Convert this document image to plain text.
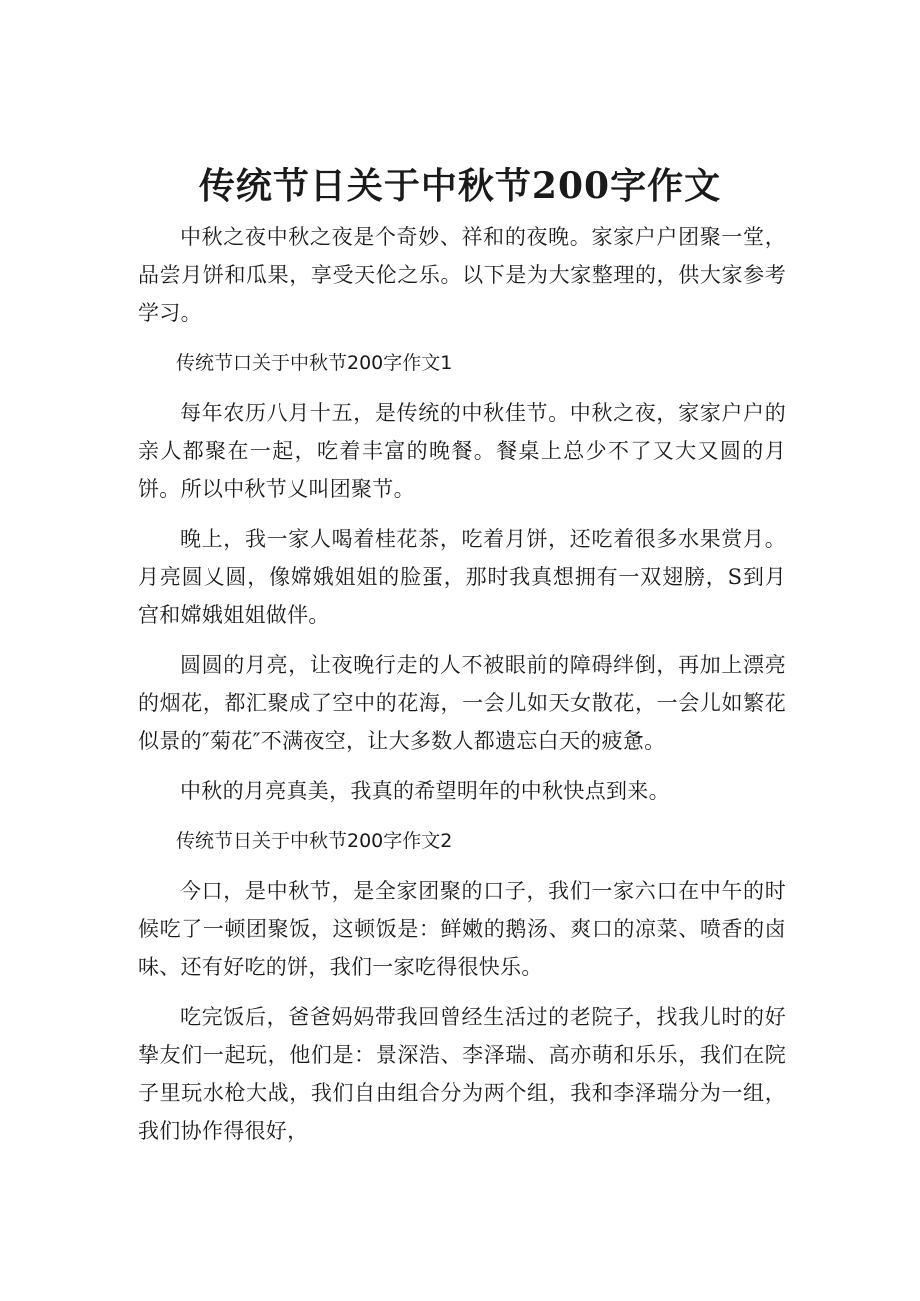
传统节日关于中秋节200字作文

中秋之夜中秋之夜是个奇妙、祥和的夜晚。家家户户团聚一堂，品尝月饼和瓜果，享受天伦之乐。以下是为大家整理的，供大家参考学习。

传统节口关于中秋节200字作文1

每年农历八月十五，是传统的中秋佳节。中秋之夜，家家户户的亲人都聚在一起，吃着丰富的晚餐。餐桌上总少不了又大又圆的月饼。所以中秋节乂叫团聚节。

晚上，我一家人喝着桂花茶，吃着月饼，还吃着很多水果赏月。月亮圆乂圆，像嫦娥姐姐的脸蛋，那时我真想拥有一双翅膀，S到月宫和嫦娥姐姐做伴。

圆圆的月亮，让夜晚行走的人不被眼前的障碍绊倒，再加上漂亮的烟花，都汇聚成了空中的花海，一会儿如天女散花，一会儿如繁花似景的″菊花″不满夜空，让大多数人都遗忘白天的疲惫。

中秋的月亮真美，我真的希望明年的中秋快点到来。

传统节日关于中秋节200字作文2

今口，是中秋节，是全家团聚的口子，我们一家六口在中午的时候吃了一顿团聚饭，这顿饭是：鲜嫩的鹅汤、爽口的凉菜、喷香的卤味、还有好吃的饼，我们一家吃得很快乐。

吃完饭后，爸爸妈妈带我回曾经生活过的老院子，找我儿时的好挚友们一起玩，他们是：景深浩、李泽瑞、高亦萌和乐乐，我们在院子里玩水枪大战，我们自由组合分为两个组，我和李泽瑞分为一组，我们协作得很好，
